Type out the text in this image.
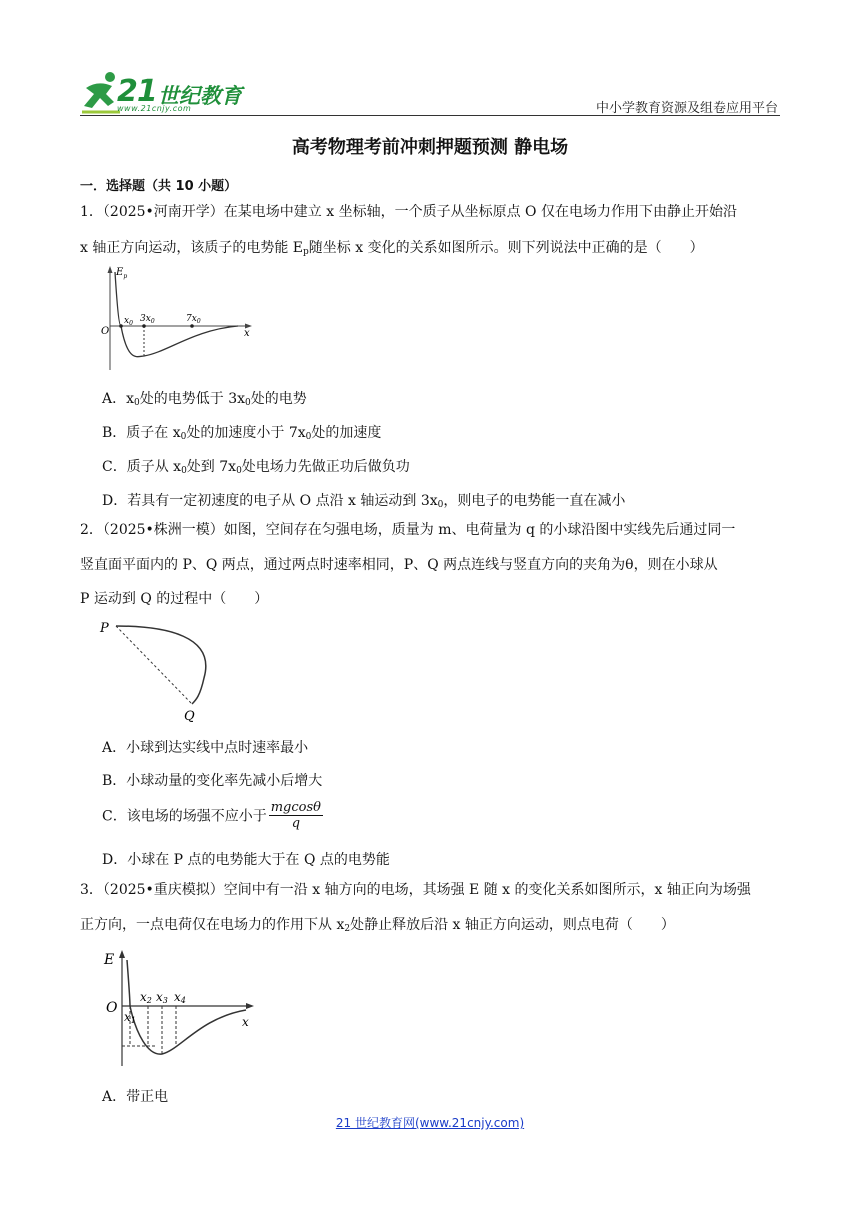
21 世纪教育
www.21cnjy.com	中小学教育资源及组卷应用平台
高考物理考前冲刺押题预测 静电场
一．选择题（共 10 小题）
1．（2025•河南开学）在某电场中建立 x 坐标轴，一个质子从坐标原点 O 仅在电场力作用下由静止开始沿
x 轴正方向运动，该质子的电势能 $E_p$随坐标 x 变化的关系如图所示。则下列说法中正确的是（　　）
$E_p$
O	x
$x_0$ $3x_0$	$7x_0$
A．$x_0$处的电势低于 $3x_0$处的电势
B．质子在 $x_0$处的加速度小于 $7x_0$处的加速度
C．质子从 $x_0$处到 $7x_0$处电场力先做正功后做负功
D．若具有一定初速度的电子从 O 点沿 x 轴运动到 $3x_0$，则电子的电势能一直在减小
2．（2025•株洲一模）如图，空间存在匀强电场，质量为 m、电荷量为 q 的小球沿图中实线先后通过同一
竖直面平面内的 P、Q 两点，通过两点时速率相同，P、Q 两点连线与竖直方向的夹角为θ，则在小球从
P 运动到 Q 的过程中（　　）
P
Q
A．小球到达实线中点时速率最小
B．小球动量的变化率先减小后增大
C．该电场的场强不应小于 $\frac{mgcos\theta}{q}$
D．小球在 P 点的电势能大于在 Q 点的电势能
3．（2025•重庆模拟）空间中有一沿 x 轴方向的电场，其场强 E 随 x 的变化关系如图所示，x 轴正向为场强
正方向，一点电荷仅在电场力的作用下从 $x_2$处静止释放后沿 x 轴正方向运动，则点电荷（　　）
E
O
x
x1
x2 x3 x4
A．带正电
21 世纪教育网(www.21cnjy.com)
